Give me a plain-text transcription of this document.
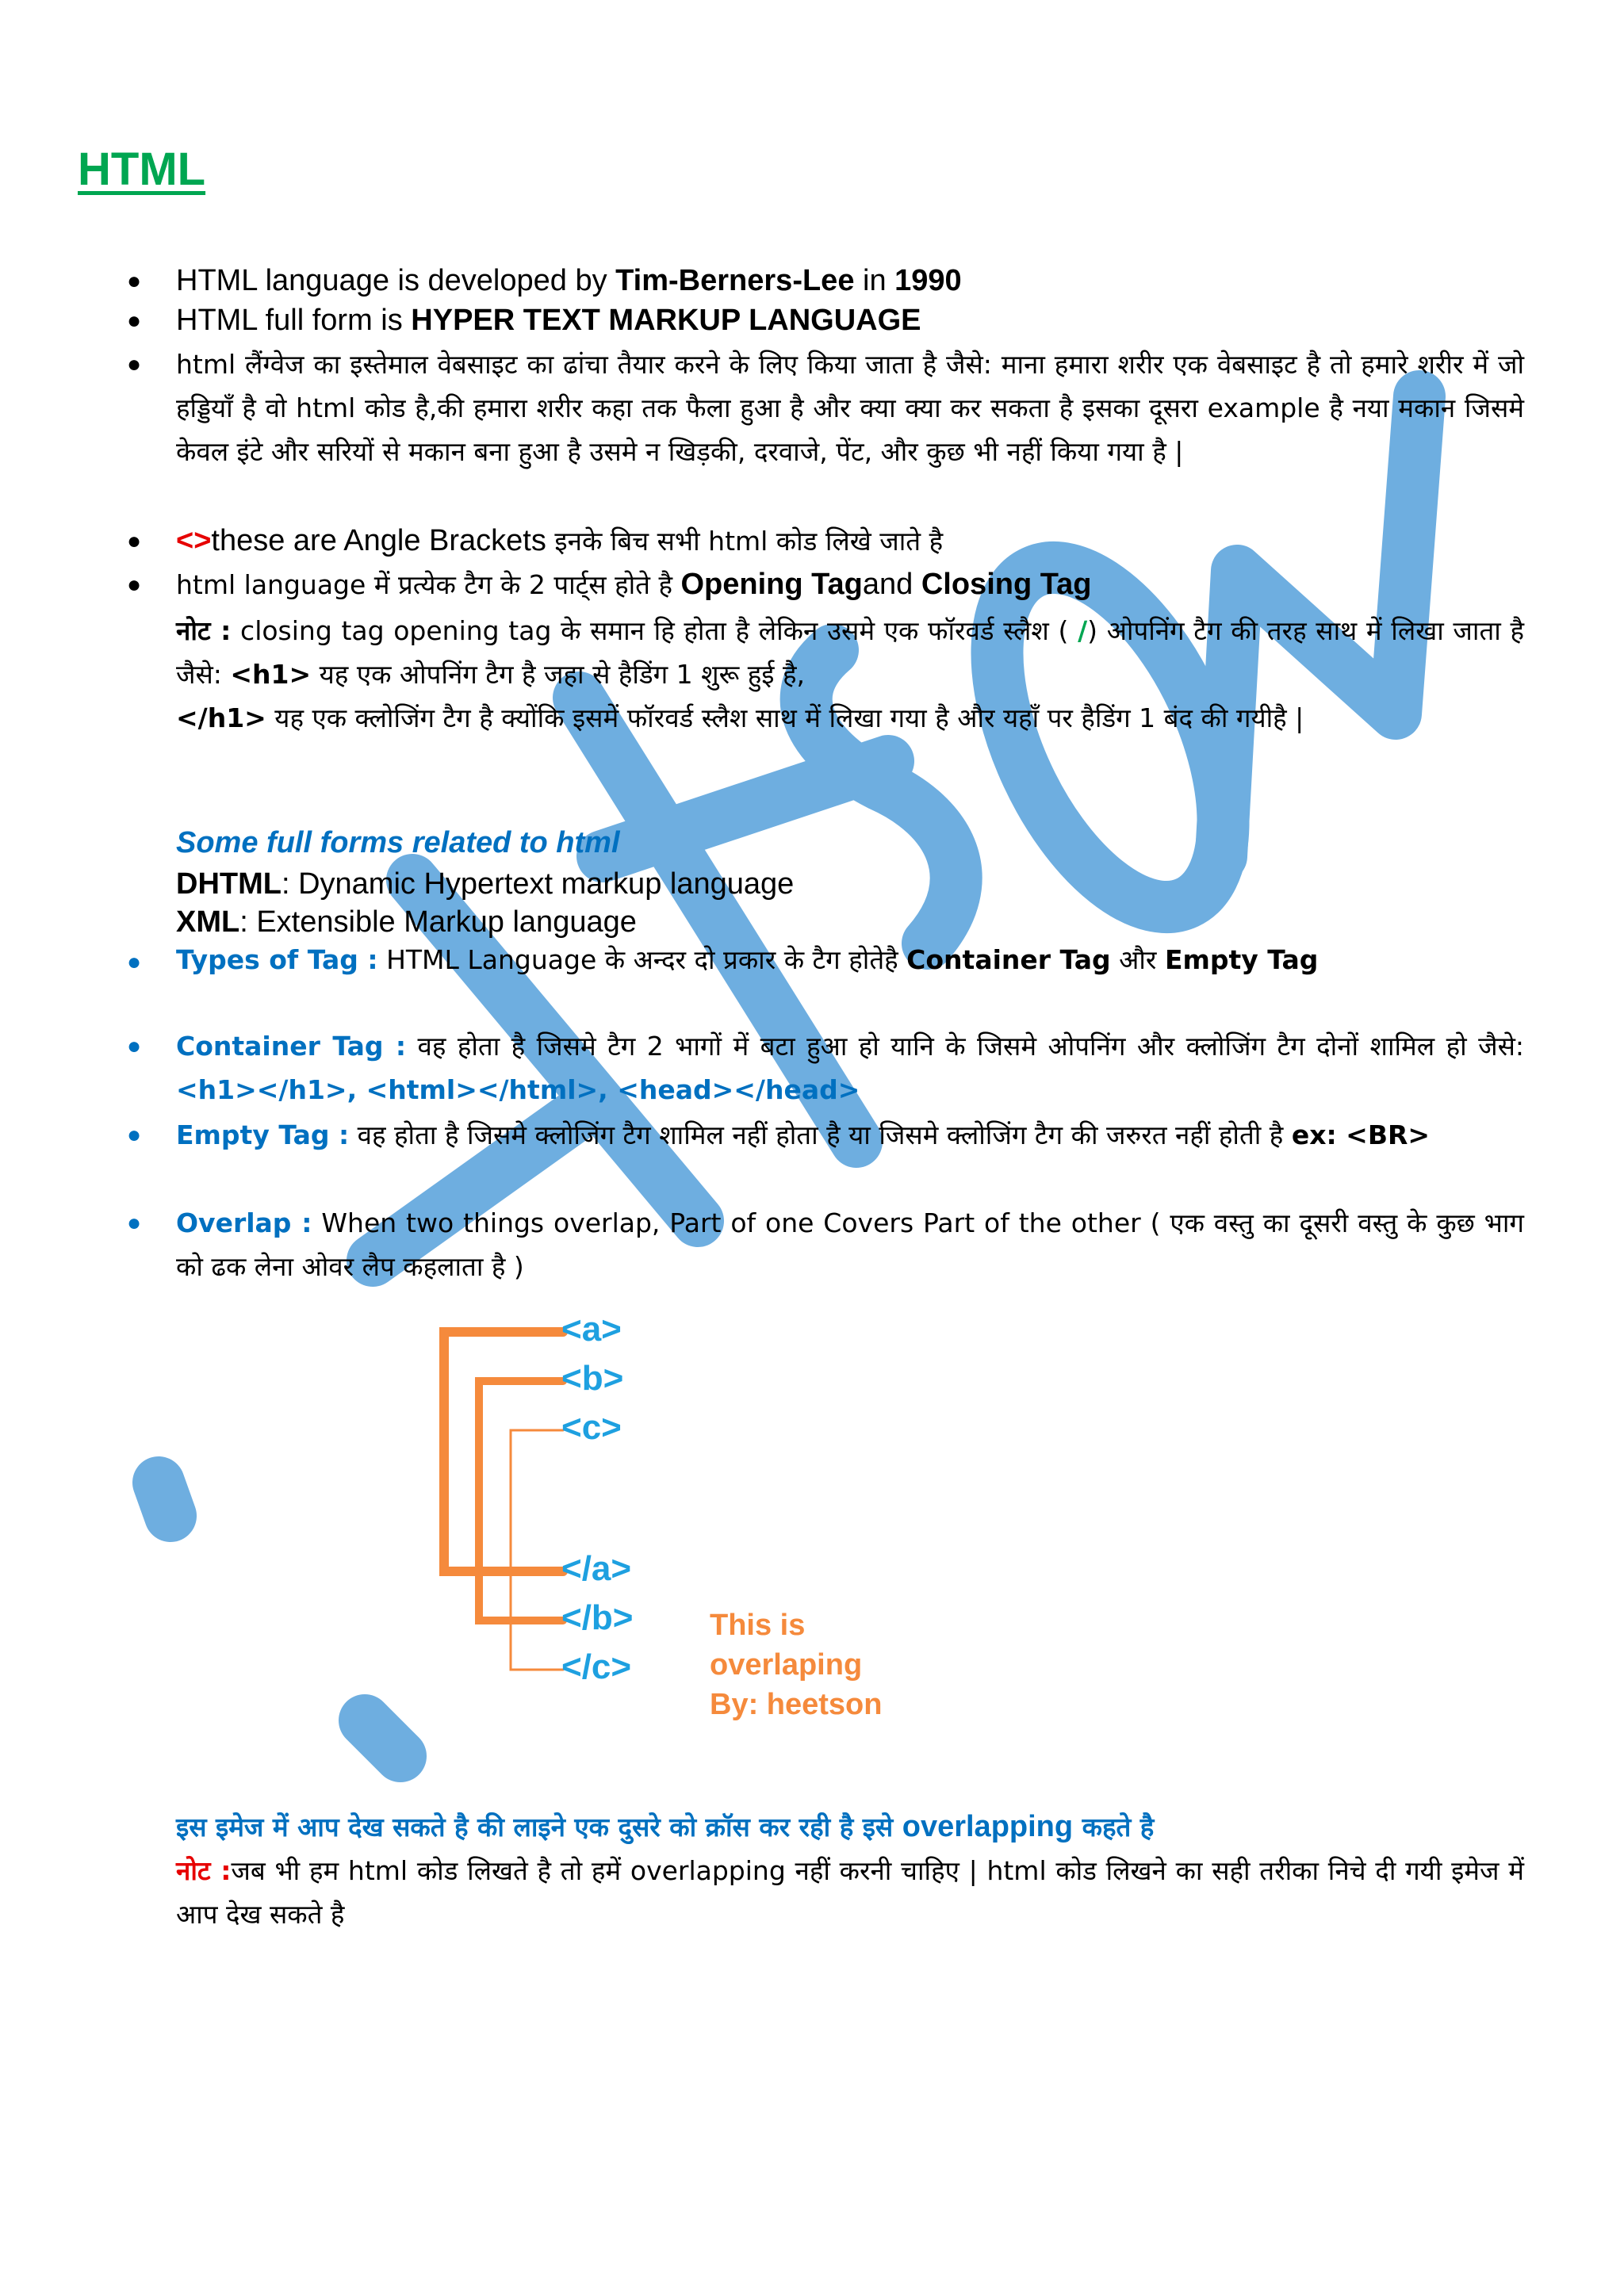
HTML
● HTML language is developed by Tim-Berners-Lee in 1990
● HTML full form is HYPER TEXT MARKUP LANGUAGE
● html लैंग्वेज का इस्तेमाल वेबसाइट का ढांचा तैयार करने के लिए किया जाता है जैसे: माना हमारा शरीर एक वेबसाइट है तो हमारे शरीर में जो हड्डियाँ है वो html कोड है,की हमारा शरीर कहा तक फैला हुआ है और क्या क्या कर सकता है इसका दूसरा example है नया मकान जिसमे केवल इंटे और सरियों से मकान बना हुआ है उसमे न खिड़की, दरवाजे, पेंट, और कुछ भी नहीं किया गया है |
● <>these are Angle Brackets इनके बिच सभी html कोड लिखे जाते है
● html language में प्रत्येक टैग के 2 पार्ट्स होते है Opening Tagand Closing Tag
नोट : closing tag opening tag के समान हि होता है लेकिन उसमे एक फॉरवर्ड स्लैश ( /) ओपनिंग टैग की तरह साथ में लिखा जाता है जैसे: <h1> यह एक ओपनिंग टैग है जहा से हैडिंग 1 शुरू हुई है,
</h1> यह एक क्लोजिंग टैग है क्योंकि इसमें फॉरवर्ड स्लैश साथ में लिखा गया है और यहाँ पर हैडिंग 1 बंद की गयीहै |
Some full forms related to html
DHTML: Dynamic Hypertext markup language
XML: Extensible Markup language
● Types of Tag : HTML Language के अन्दर दो प्रकार के टैग होतेहै Container Tag और Empty Tag
● Container Tag : वह होता है जिसमे टैग 2 भागों में बटा हुआ हो यानि के जिसमे ओपनिंग और क्लोजिंग टैग दोनों शामिल हो जैसे:<h1></h1>, <html></html>, <head></head>
● Empty Tag : वह होता है जिसमे क्लोजिंग टैग शामिल नहीं होता है या जिसमे क्लोजिंग टैग की जरुरत नहीं होती है ex: <BR>
● Overlap : When two things overlap, Part of one Covers Part of the other ( एक वस्तु का दूसरी वस्तु के कुछ भाग को ढक लेना ओवर लैप कहलाता है )
<a>
<b>
<c>
</a>
</b>
</c>
This is
overlaping
By: heetson
इस इमेज में आप देख सकते है की लाइने एक दुसरे को क्रॉस कर रही है इसे overlapping कहते है
नोट :जब भी हम html कोड लिखते है तो हमें overlapping नहीं करनी चाहिए | html कोड लिखने का सही तरीका निचे दी गयी इमेज में आप देख सकते है
